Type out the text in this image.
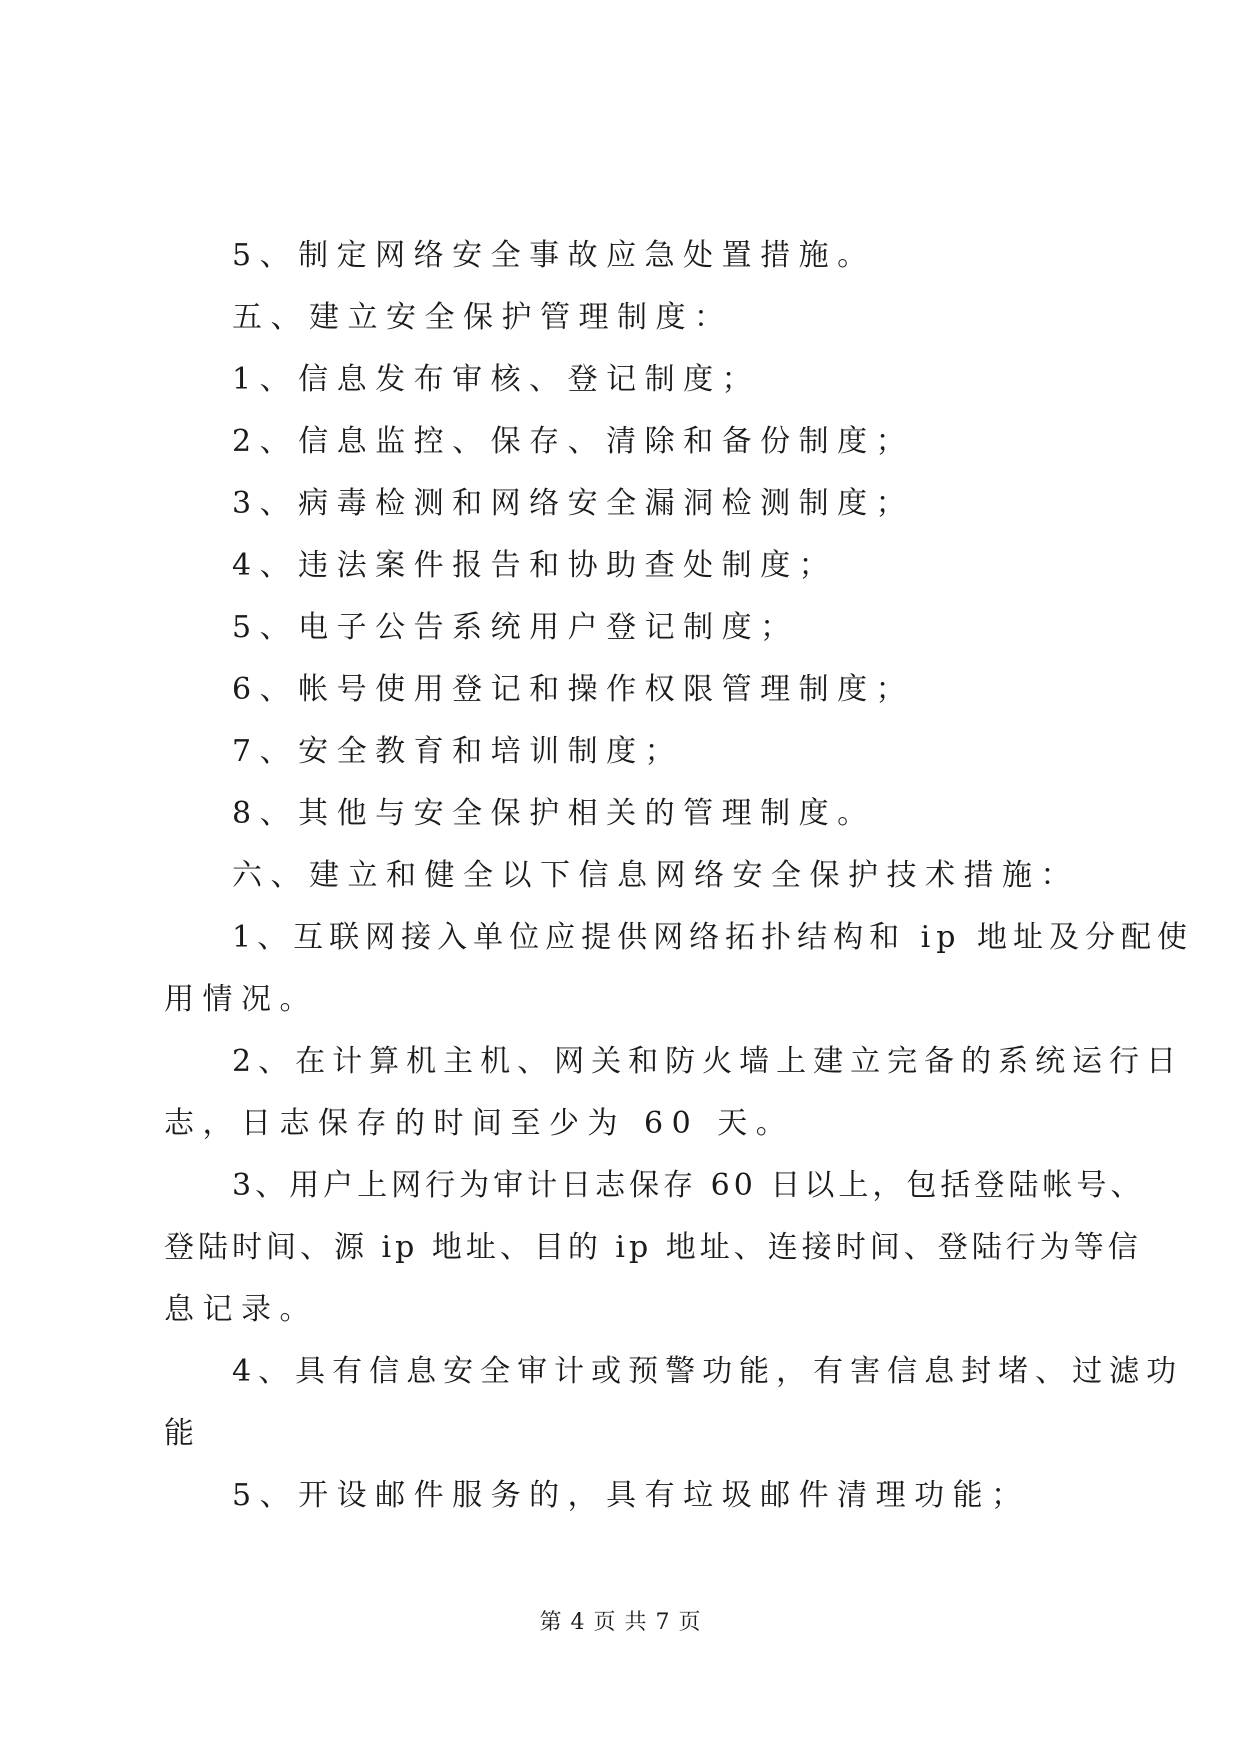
5、制定网络安全事故应急处置措施。

五、建立安全保护管理制度：

1、信息发布审核、登记制度；

2、信息监控、保存、清除和备份制度；

3、病毒检测和网络安全漏洞检测制度；

4、违法案件报告和协助查处制度；

5、电子公告系统用户登记制度；

6、帐号使用登记和操作权限管理制度；

7、安全教育和培训制度；

8、其他与安全保护相关的管理制度。

六、建立和健全以下信息网络安全保护技术措施：

1、互联网接入单位应提供网络拓扑结构和 ip 地址及分配使

用情况。

2、在计算机主机、网关和防火墙上建立完备的系统运行日

志，日志保存的时间至少为 60 天。

3、用户上网行为审计日志保存 60 日以上，包括登陆帐号、

登陆时间、源 ip 地址、目的 ip 地址、连接时间、登陆行为等信

息记录。

4、具有信息安全审计或预警功能，有害信息封堵、过滤功

能

5、开设邮件服务的，具有垃圾邮件清理功能；

第 4 页 共 7 页
